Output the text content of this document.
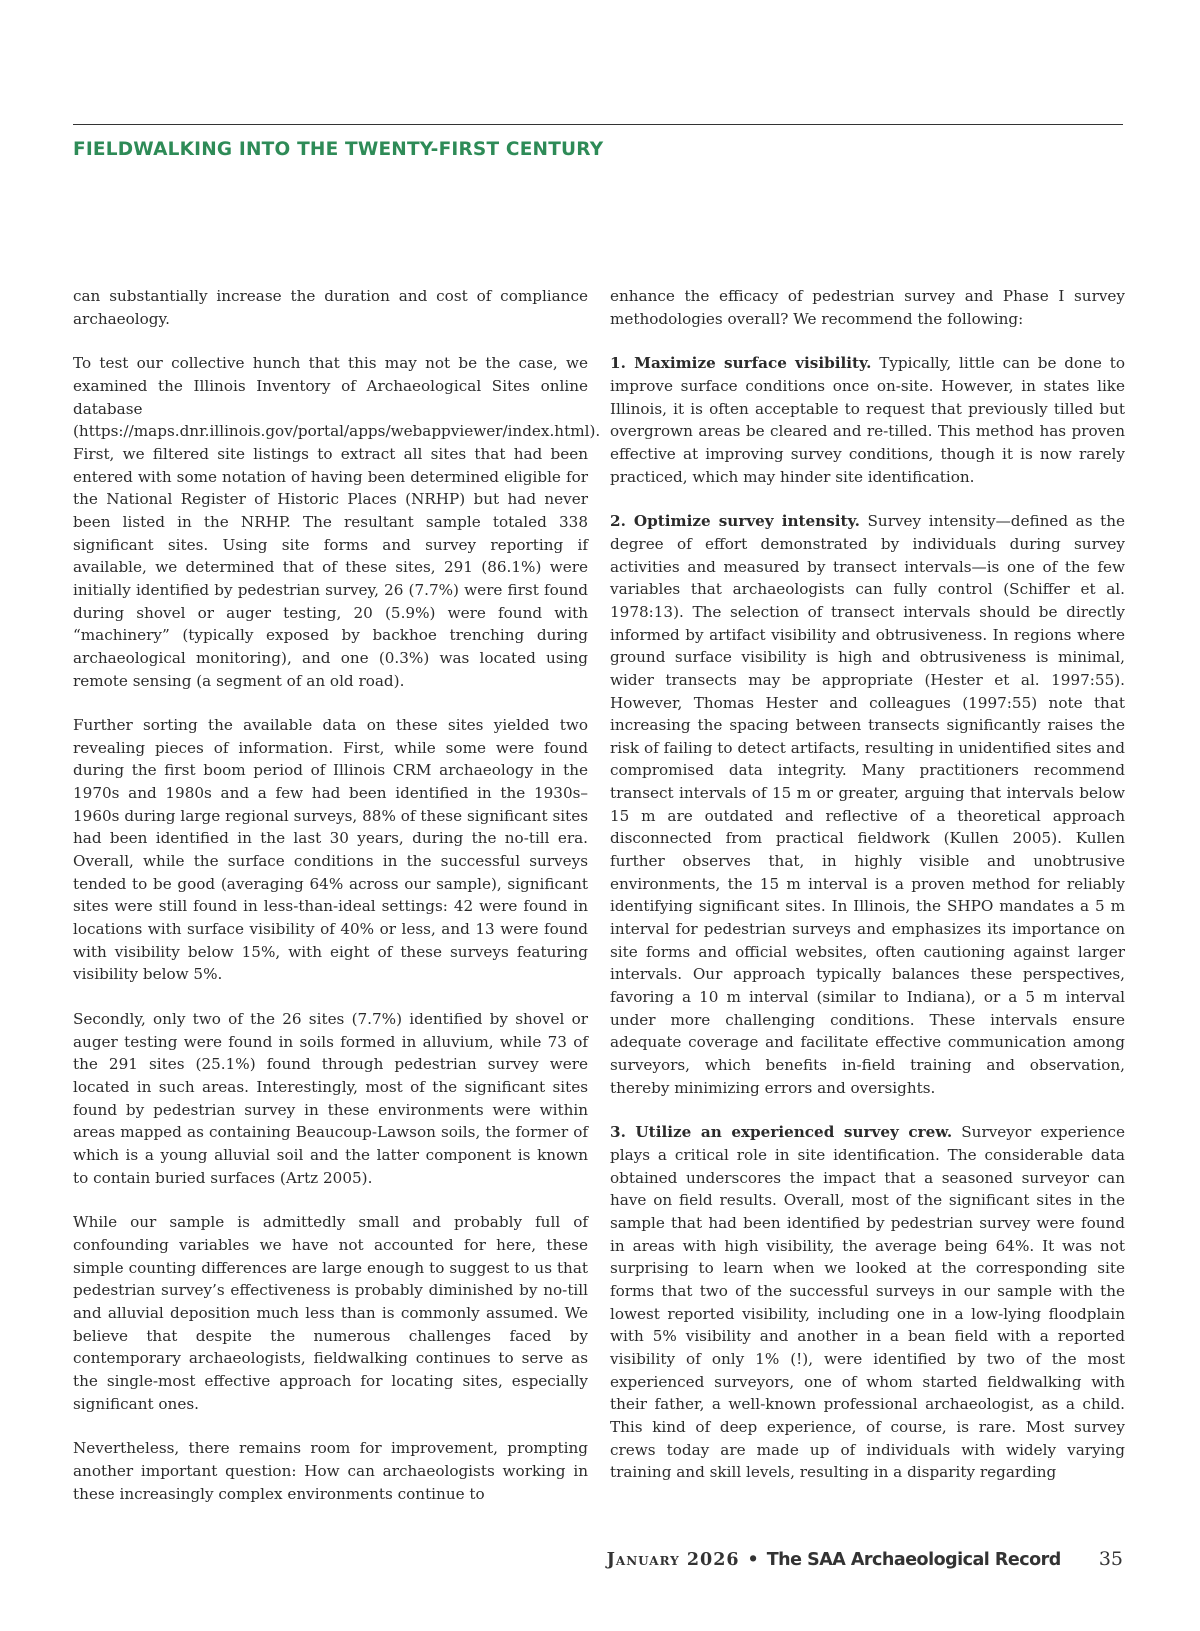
FIELDWALKING INTO THE TWENTY-FIRST CENTURY

can substantially increase the duration and cost of compliance archaeology.

To test our collective hunch that this may not be the case, we examined the Illinois Inventory of Archaeological Sites online database (https://maps.dnr.illinois.gov/portal/apps/webappviewer/index.html). First, we filtered site listings to extract all sites that had been entered with some notation of having been determined eligible for the National Register of Historic Places (NRHP) but had never been listed in the NRHP. The resultant sample totaled 338 significant sites. Using site forms and survey reporting if available, we determined that of these sites, 291 (86.1%) were initially identified by pedestrian survey, 26 (7.7%) were first found during shovel or auger testing, 20 (5.9%) were found with “machinery” (typically exposed by backhoe trenching during archaeological monitoring), and one (0.3%) was located using remote sensing (a segment of an old road).

Further sorting the available data on these sites yielded two revealing pieces of information. First, while some were found during the first boom period of Illinois CRM archaeology in the 1970s and 1980s and a few had been identified in the 1930s–1960s during large regional surveys, 88% of these significant sites had been identified in the last 30 years, during the no-till era. Overall, while the surface conditions in the successful surveys tended to be good (averaging 64% across our sample), significant sites were still found in less-than-ideal settings: 42 were found in locations with surface visibility of 40% or less, and 13 were found with visibility below 15%, with eight of these surveys featuring visibility below 5%.

Secondly, only two of the 26 sites (7.7%) identified by shovel or auger testing were found in soils formed in alluvium, while 73 of the 291 sites (25.1%) found through pedestrian survey were located in such areas. Interestingly, most of the significant sites found by pedestrian survey in these environments were within areas mapped as containing Beaucoup-Lawson soils, the former of which is a young alluvial soil and the latter component is known to contain buried surfaces (Artz 2005).

While our sample is admittedly small and probably full of confounding variables we have not accounted for here, these simple counting differences are large enough to suggest to us that pedestrian survey’s effectiveness is probably diminished by no-till and alluvial deposition much less than is commonly assumed. We believe that despite the numerous challenges faced by contemporary archaeologists, fieldwalking continues to serve as the single-most effective approach for locating sites, especially significant ones.

Nevertheless, there remains room for improvement, prompting another important question: How can archaeologists working in these increasingly complex environments continue to

enhance the efficacy of pedestrian survey and Phase I survey methodologies overall? We recommend the following:

1. Maximize surface visibility. Typically, little can be done to improve surface conditions once on-site. However, in states like Illinois, it is often acceptable to request that previously tilled but overgrown areas be cleared and re-tilled. This method has proven effective at improving survey conditions, though it is now rarely practiced, which may hinder site identification.

2. Optimize survey intensity. Survey intensity—defined as the degree of effort demonstrated by individuals during survey activities and measured by transect intervals—is one of the few variables that archaeologists can fully control (Schiffer et al. 1978:13). The selection of transect intervals should be directly informed by artifact visibility and obtrusiveness. In regions where ground surface visibility is high and obtrusiveness is minimal, wider transects may be appropriate (Hester et al. 1997:55). However, Thomas Hester and colleagues (1997:55) note that increasing the spacing between transects significantly raises the risk of failing to detect artifacts, resulting in unidentified sites and compromised data integrity. Many practitioners recommend transect intervals of 15 m or greater, arguing that intervals below 15 m are outdated and reflective of a theoretical approach disconnected from practical fieldwork (Kullen 2005). Kullen further observes that, in highly visible and unobtrusive environments, the 15 m interval is a proven method for reliably identifying significant sites. In Illinois, the SHPO mandates a 5 m interval for pedestrian surveys and emphasizes its importance on site forms and official websites, often cautioning against larger intervals. Our approach typically balances these perspectives, favoring a 10 m interval (similar to Indiana), or a 5 m interval under more challenging conditions. These intervals ensure adequate coverage and facilitate effective communication among surveyors, which benefits in-field training and observation, thereby minimizing errors and oversights.

3. Utilize an experienced survey crew. Surveyor experience plays a critical role in site identification. The considerable data obtained underscores the impact that a seasoned surveyor can have on field results. Overall, most of the significant sites in the sample that had been identified by pedestrian survey were found in areas with high visibility, the average being 64%. It was not surprising to learn when we looked at the corresponding site forms that two of the successful surveys in our sample with the lowest reported visibility, including one in a low-lying floodplain with 5% visibility and another in a bean field with a reported visibility of only 1% (!), were identified by two of the most experienced surveyors, one of whom started fieldwalking with their father, a well-known professional archaeologist, as a child. This kind of deep experience, of course, is rare. Most survey crews today are made up of individuals with widely varying training and skill levels, resulting in a disparity regarding

January 2026 • The SAA Archaeological Record 35
